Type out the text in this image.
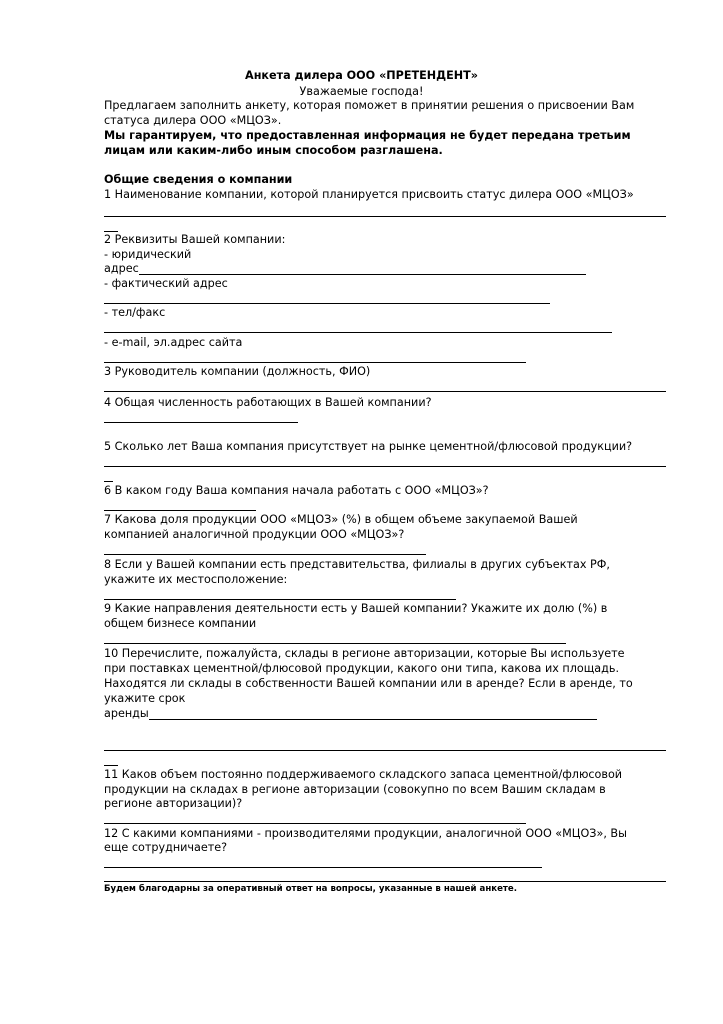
Анкета дилера ООО «ПРЕТЕНДЕНТ»
Уважаемые господа!
Предлагаем заполнить анкету, которая поможет в принятии решения о присвоении Вам
статуса дилера ООО «МЦОЗ».
Мы гарантируем, что предоставленная информация не будет передана третьим
лицам или каким-либо иным способом разглашена.
Общие сведения о компании
1 Наименование компании, которой планируется присвоить статус дилера ООО «МЦОЗ»
2 Реквизиты Вашей компании:
- юридический
адрес
- фактический адрес
- тел/факс
- e-mail, эл.адрес сайта
3 Руководитель компании (должность, ФИО)
4 Общая численность работающих в Вашей компании?
5 Сколько лет Ваша компания присутствует на рынке цементной/флюсовой продукции?
6 В каком году Ваша компания начала работать с ООО «МЦОЗ»?
7 Какова доля продукции ООО «МЦОЗ» (%) в общем объеме закупаемой Вашей
компанией аналогичной продукции ООО «МЦОЗ»?
8 Если у Вашей компании есть представительства, филиалы в других субъектах РФ,
укажите их местосположение:
9 Какие направления деятельности есть у Вашей компании? Укажите их долю (%) в
общем бизнесе компании
10 Перечислите, пожалуйста, склады в регионе авторизации, которые Вы используете
при поставках цементной/флюсовой продукции, какого они типа, какова их площадь.
Находятся ли склады в собственности Вашей компании или в аренде? Если в аренде, то
укажите срок
аренды
11 Каков объем постоянно поддерживаемого складского запаса цементной/флюсовой
продукции на складах в регионе авторизации (совокупно по всем Вашим складам в
регионе авторизации)?
12 С какими компаниями - производителями продукции, аналогичной ООО «МЦОЗ», Вы
еще сотрудничаете?
Будем благодарны за оперативный ответ на вопросы, указанные в нашей анкете.
